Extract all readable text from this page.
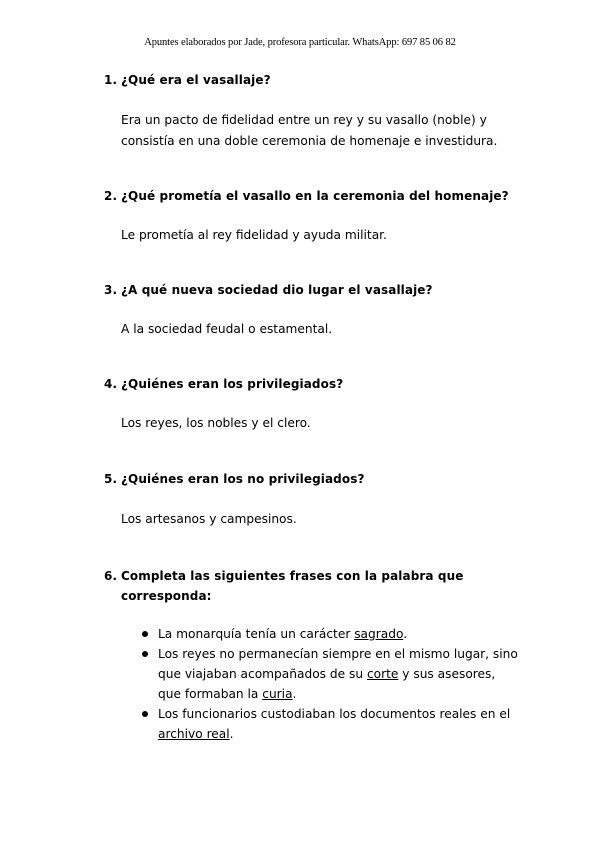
Apuntes elaborados por Jade, profesora particular. WhatsApp: 697 85 06 82
1. ¿Qué era el vasallaje?
Era un pacto de fidelidad entre un rey y su vasallo (noble) y consistía en una doble ceremonia de homenaje e investidura.
2. ¿Qué prometía el vasallo en la ceremonia del homenaje?
Le prometía al rey fidelidad y ayuda militar.
3. ¿A qué nueva sociedad dio lugar el vasallaje?
A la sociedad feudal o estamental.
4. ¿Quiénes eran los privilegiados?
Los reyes, los nobles y el clero.
5. ¿Quiénes eran los no privilegiados?
Los artesanos y campesinos.
6. Completa las siguientes frases con la palabra que corresponda:
La monarquía tenía un carácter sagrado.
Los reyes no permanecían siempre en el mismo lugar, sino que viajaban acompañados de su corte y sus asesores, que formaban la curia.
Los funcionarios custodiaban los documentos reales en el archivo real.
